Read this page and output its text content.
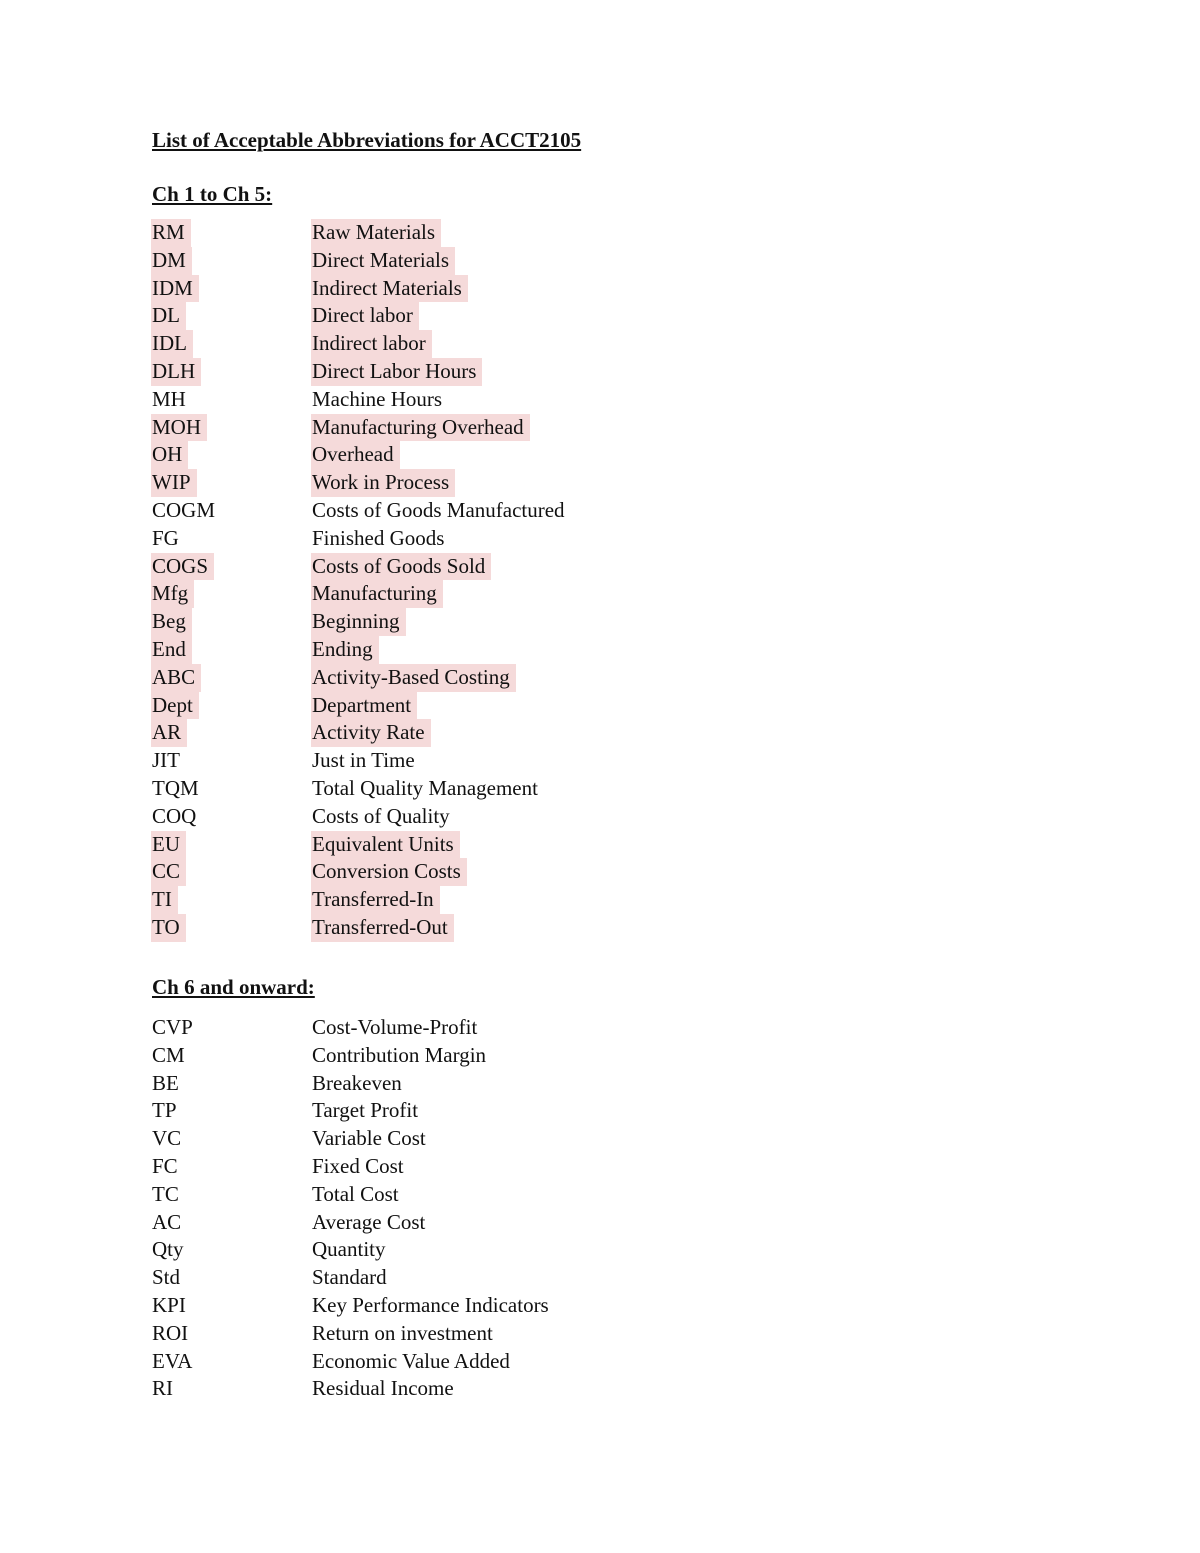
List of Acceptable Abbreviations for ACCT2105
Ch 1 to Ch 5:
RM	Raw Materials
DM	Direct Materials
IDM	Indirect Materials
DL	Direct labor
IDL	Indirect labor
DLH	Direct Labor Hours
MH	Machine Hours
MOH	Manufacturing Overhead
OH	Overhead
WIP	Work in Process
COGM	Costs of Goods Manufactured
FG	Finished Goods
COGS	Costs of Goods Sold
Mfg	Manufacturing
Beg	Beginning
End	Ending
ABC	Activity-Based Costing
Dept	Department
AR	Activity Rate
JIT	Just in Time
TQM	Total Quality Management
COQ	Costs of Quality
EU	Equivalent Units
CC	Conversion Costs
TI	Transferred-In
TO	Transferred-Out
Ch 6 and onward:
CVP	Cost-Volume-Profit
CM	Contribution Margin
BE	Breakeven
TP	Target Profit
VC	Variable Cost
FC	Fixed Cost
TC	Total Cost
AC	Average Cost
Qty	Quantity
Std	Standard
KPI	Key Performance Indicators
ROI	Return on investment
EVA	Economic Value Added
RI	Residual Income
